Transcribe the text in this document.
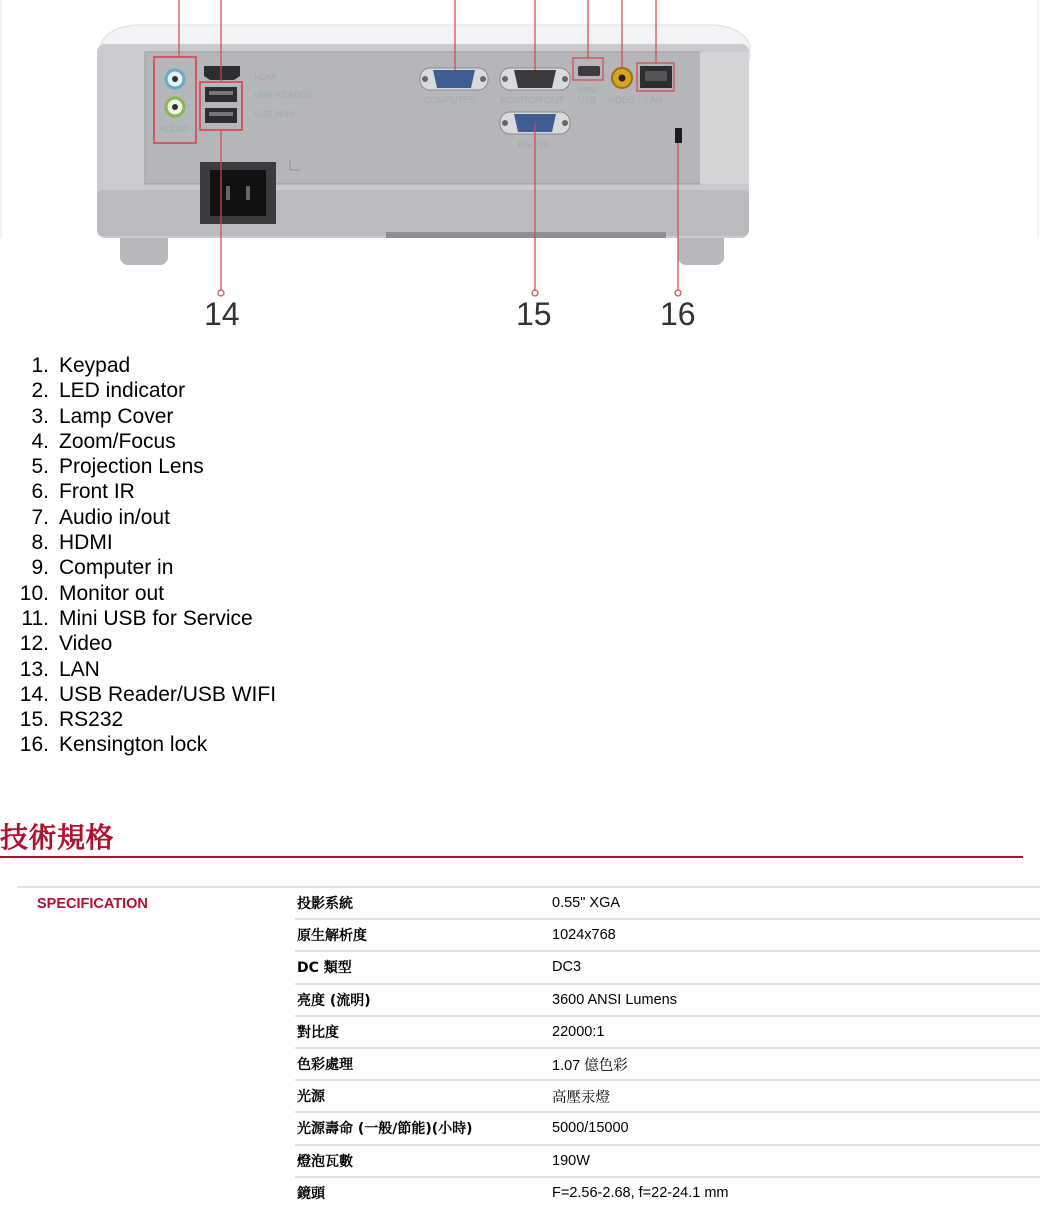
AUDIO
HDMI
USB READER
USB WIFI
COMPUTER	MONITOR OUT
MINI
USB VIDEO LAN
RS-232
14	15	16
1. Keypad
2. LED indicator
3. Lamp Cover
4. Zoom/Focus
5. Projection Lens
6. Front IR
7. Audio in/out
8. HDMI
9. Computer in
10. Monitor out
11. Mini USB for Service
12. Video
13. LAN
14. USB Reader/USB WIFI
15. RS232
16. Kensington lock
技術規格
SPECIFICATION	投影系統	0.55" XGA
	原生解析度	1024x768
	DC 類型	DC3
	亮度 (流明)	3600 ANSI Lumens
	對比度	22000:1
	色彩處理	1.07 億色彩
	光源	高壓汞燈
	光源壽命 (一般/節能)(小時)	5000/15000
	燈泡瓦數	190W
	鏡頭	F=2.56-2.68, f=22-24.1 mm
